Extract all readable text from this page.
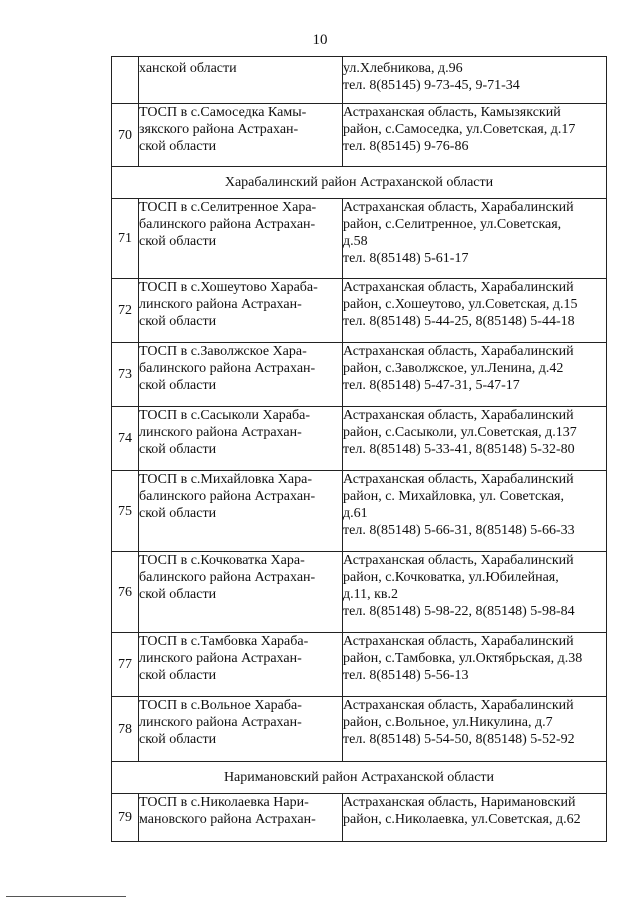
10

	ханской области	ул.Хлебникова, д.96
тел. 8(85145) 9-73-45, 9-71-34

70	ТОСП в с.Самоседка Камы-
зякского района Астрахан-
ской области	Астраханская область, Камызякский
район, с.Самоседка, ул.Советская, д.17
тел. 8(85145) 9-76-86

Харабалинский район Астраханской области		
71	ТОСП в с.Селитренное Хара-
балинского района Астрахан-
ской области	Астраханская область, Харабалинский
район, с.Селитренное, ул.Советская,
д.58
тел. 8(85148) 5-61-17

72	ТОСП в с.Хошеутово Хараба-
линского района Астрахан-
ской области	Астраханская область, Харабалинский
район, с.Хошеутово, ул.Советская, д.15
тел. 8(85148) 5-44-25, 8(85148) 5-44-18

73	ТОСП в с.Заволжское Хара-
балинского района Астрахан-
ской области	Астраханская область, Харабалинский
район, с.Заволжское, ул.Ленина, д.42
тел. 8(85148) 5-47-31, 5-47-17

74	ТОСП в с.Сасыколи Хараба-
линского района Астрахан-
ской области	Астраханская область, Харабалинский
район, с.Сасыколи, ул.Советская, д.137
тел. 8(85148) 5-33-41, 8(85148) 5-32-80

75	ТОСП в с.Михайловка Хара-
балинского района Астрахан-
ской области	Астраханская область, Харабалинский
район, с. Михайловка, ул. Советская,
д.61
тел. 8(85148) 5-66-31, 8(85148) 5-66-33

76	ТОСП в с.Кочковатка Хара-
балинского района Астрахан-
ской области	Астраханская область, Харабалинский
район, с.Кочковатка, ул.Юбилейная,
д.11, кв.2
тел. 8(85148) 5-98-22, 8(85148) 5-98-84

77	ТОСП в с.Тамбовка Хараба-
линского района Астрахан-
ской области	Астраханская область, Харабалинский
район, с.Тамбовка, ул.Октябрьская, д.38
тел. 8(85148) 5-56-13

78	ТОСП в с.Вольное Хараба-
линского района Астрахан-
ской области	Астраханская область, Харабалинский
район, с.Вольное, ул.Никулина, д.7
тел. 8(85148) 5-54-50, 8(85148) 5-52-92

Наримановский район Астраханской области		
79	ТОСП в с.Николаевка Нари-
мановского района Астрахан-	Астраханская область, Наримановский
район, с.Николаевка, ул.Советская, д.62
